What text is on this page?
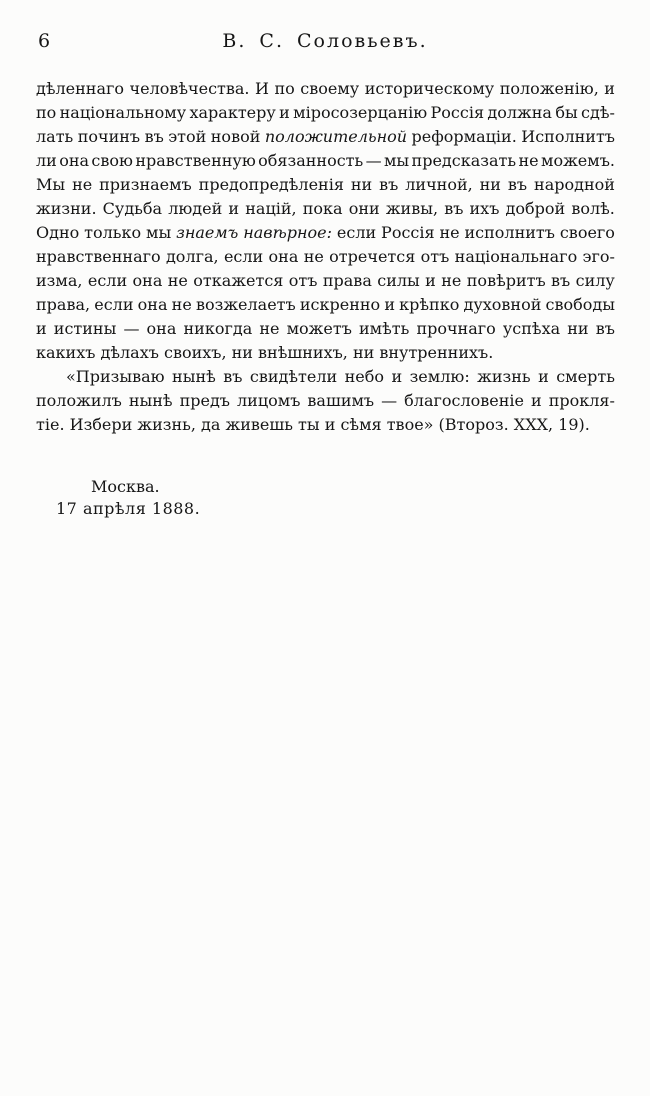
6	В. С. Соловьевъ.
дѣленнаго человѣчества. И по своему историческому положенію, и
по національному характеру и міросозерцанію Россія должна бы сдѣ-
лать починъ въ этой новой положительной реформаціи. Исполнитъ
ли она свою нравственную обязанность — мы предсказать не можемъ.
Мы не признаемъ предопредѣленія ни въ личной, ни въ народной
жизни. Судьба людей и націй, пока они живы, въ ихъ доброй волѣ.
Одно только мы знаемъ навѣрное: если Россія не исполнитъ своего
нравственнаго долга, если она не отречется отъ національнаго эго-
изма, если она не откажется отъ права силы и не повѣритъ въ силу
права, если она не возжелаетъ искренно и крѣпко духовной свободы
и истины — она никогда не можетъ имѣть прочнаго успѣха ни въ
какихъ дѣлахъ своихъ, ни внѣшнихъ, ни внутреннихъ.
«Призываю нынѣ въ свидѣтели небо и землю: жизнь и смерть
положилъ нынѣ предъ лицомъ вашимъ — благословеніе и прокля-
тіе. Избери жизнь, да живешь ты и сѣмя твое» (Второз. XXX, 19).
Москва.
17 апрѣля 1888.
